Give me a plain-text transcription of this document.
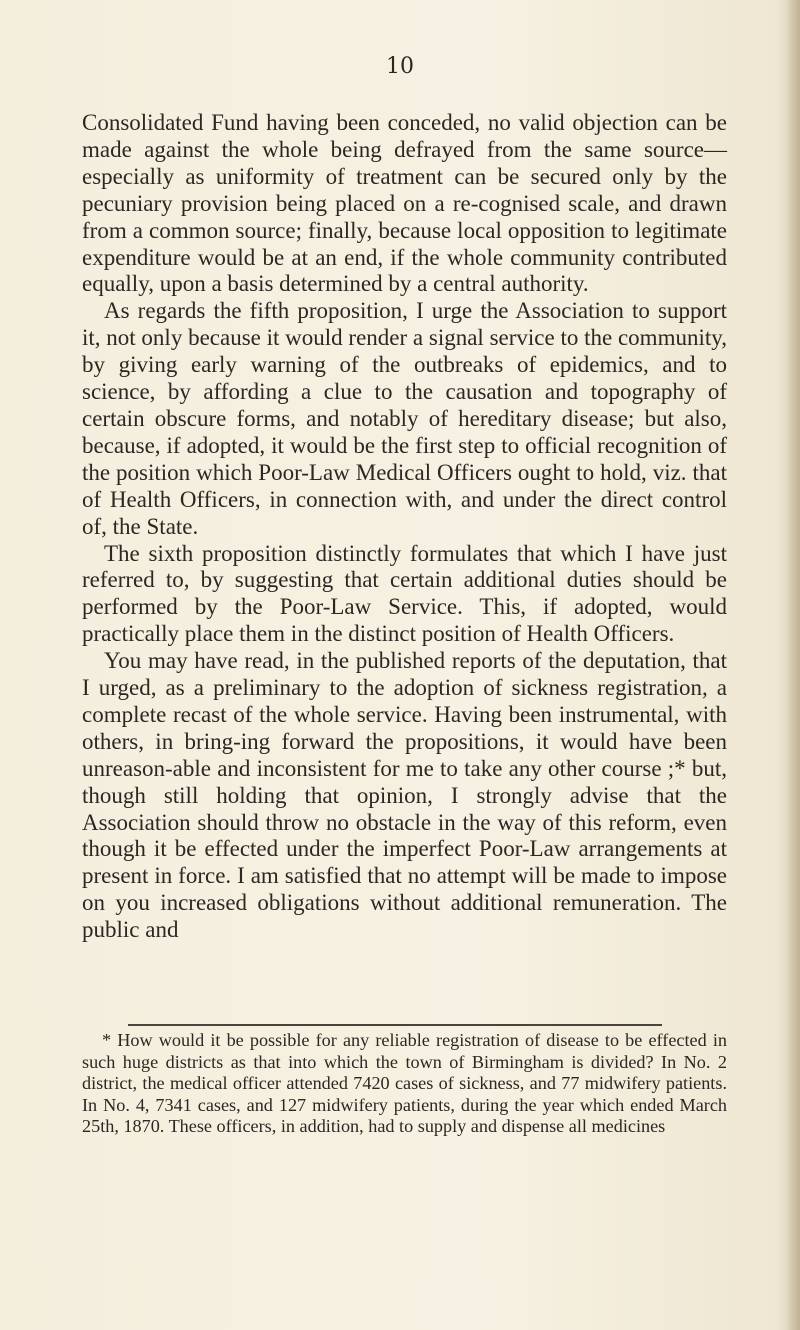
10

Consolidated Fund having been conceded, no valid objection can be made against the whole being defrayed from the same source—especially as uniformity of treatment can be secured only by the pecuniary provision being placed on a re-cognised scale, and drawn from a common source; finally, because local opposition to legitimate expenditure would be at an end, if the whole community contributed equally, upon a basis determined by a central authority.

As regards the fifth proposition, I urge the Association to support it, not only because it would render a signal service to the community, by giving early warning of the outbreaks of epidemics, and to science, by affording a clue to the causation and topography of certain obscure forms, and notably of hereditary disease; but also, because, if adopted, it would be the first step to official recognition of the position which Poor-Law Medical Officers ought to hold, viz. that of Health Officers, in connection with, and under the direct control of, the State.

The sixth proposition distinctly formulates that which I have just referred to, by suggesting that certain additional duties should be performed by the Poor-Law Service. This, if adopted, would practically place them in the distinct position of Health Officers.

You may have read, in the published reports of the deputation, that I urged, as a preliminary to the adoption of sickness registration, a complete recast of the whole service. Having been instrumental, with others, in bring-ing forward the propositions, it would have been unreason-able and inconsistent for me to take any other course ;* but, though still holding that opinion, I strongly advise that the Association should throw no obstacle in the way of this reform, even though it be effected under the imperfect Poor-Law arrangements at present in force. I am satisfied that no attempt will be made to impose on you increased obligations without additional remuneration. The public and

* How would it be possible for any reliable registration of disease to be effected in such huge districts as that into which the town of Birmingham is divided? In No. 2 district, the medical officer attended 7420 cases of sickness, and 77 midwifery patients. In No. 4, 7341 cases, and 127 midwifery patients, during the year which ended March 25th, 1870. These officers, in addition, had to supply and dispense all medicines
